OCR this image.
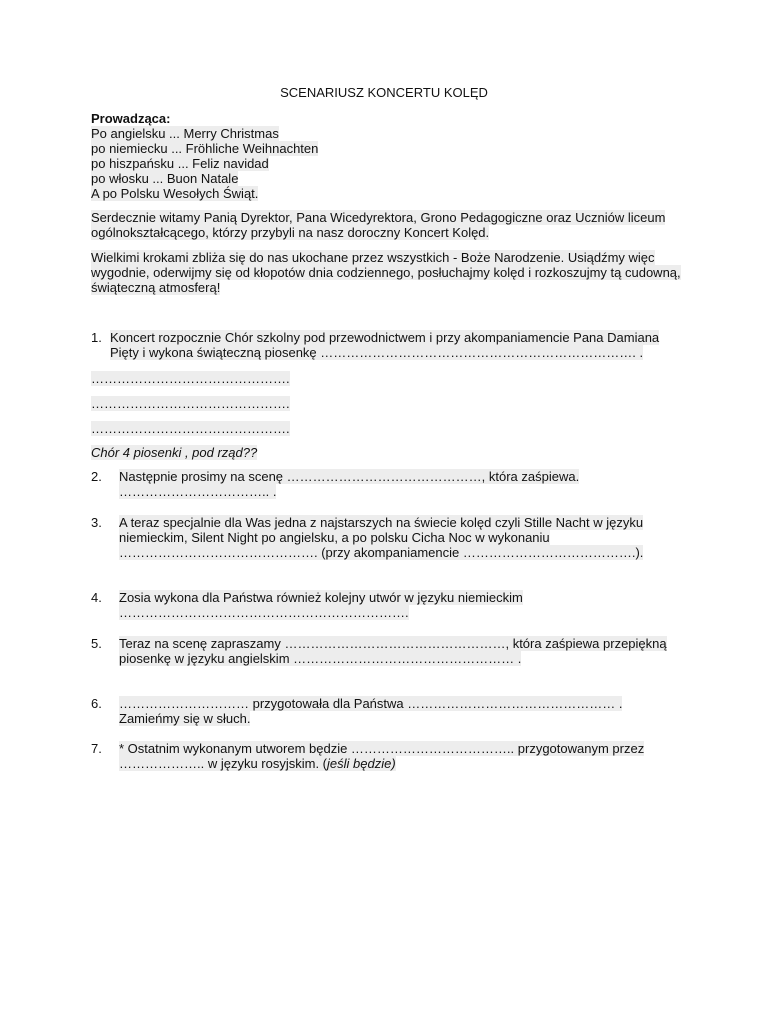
SCENARIUSZ KONCERTU KOLĘD
Prowadząca:
Po angielsku ... Merry Christmas
po niemiecku ... Fröhliche Weihnachten
po hiszpańsku ... Feliz navidad
po włosku ... Buon Natale
A po Polsku Wesołych Świąt.
Serdecznie witamy Panią Dyrektor, Pana Wicedyrektora, Grono Pedagogiczne oraz Uczniów liceum
ogólnokształcącego, którzy przybyli na nasz doroczny Koncert Kolęd.
Wielkimi krokami zbliża się do nas ukochane przez wszystkich - Boże Narodzenie. Usiądźmy więc
wygodnie, oderwijmy się od kłopotów dnia codziennego, posłuchajmy kolęd i rozkoszujmy tą cudowną,
świąteczną atmosferą!
1. Koncert rozpocznie Chór szkolny pod przewodnictwem i przy akompaniamencie Pana Damiana
Pięty i wykona świąteczną piosenkę ………………………………………………………………. .
……………………………………….
……………………………………….
……………………………………….
Chór 4 piosenki , pod rząd??
2. Następnie prosimy na scenę ………………………………………, która zaśpiewa.
…………………………….. .
3. A teraz specjalnie dla Was jedna z najstarszych na świecie kolęd czyli Stille Nacht w języku
niemieckim, Silent Night po angielsku, a po polsku Cicha Noc w wykonaniu
………………………………………. (przy akompaniamencie ………………………………….).
4. Zosia wykona dla Państwa również kolejny utwór w języku niemieckim
………………………………………………………….
5. Teraz na scenę zapraszamy ……………………………………………, która zaśpiewa przepiękną
piosenkę w języku angielskim …………………………………………… .
6. ………………………… przygotowała dla Państwa ………………………………………… .
Zamieńmy się w słuch.
7. * Ostatnim wykonanym utworem będzie ……………………………….. przygotowanym przez
……………….. w języku rosyjskim. (jeśli będzie)
